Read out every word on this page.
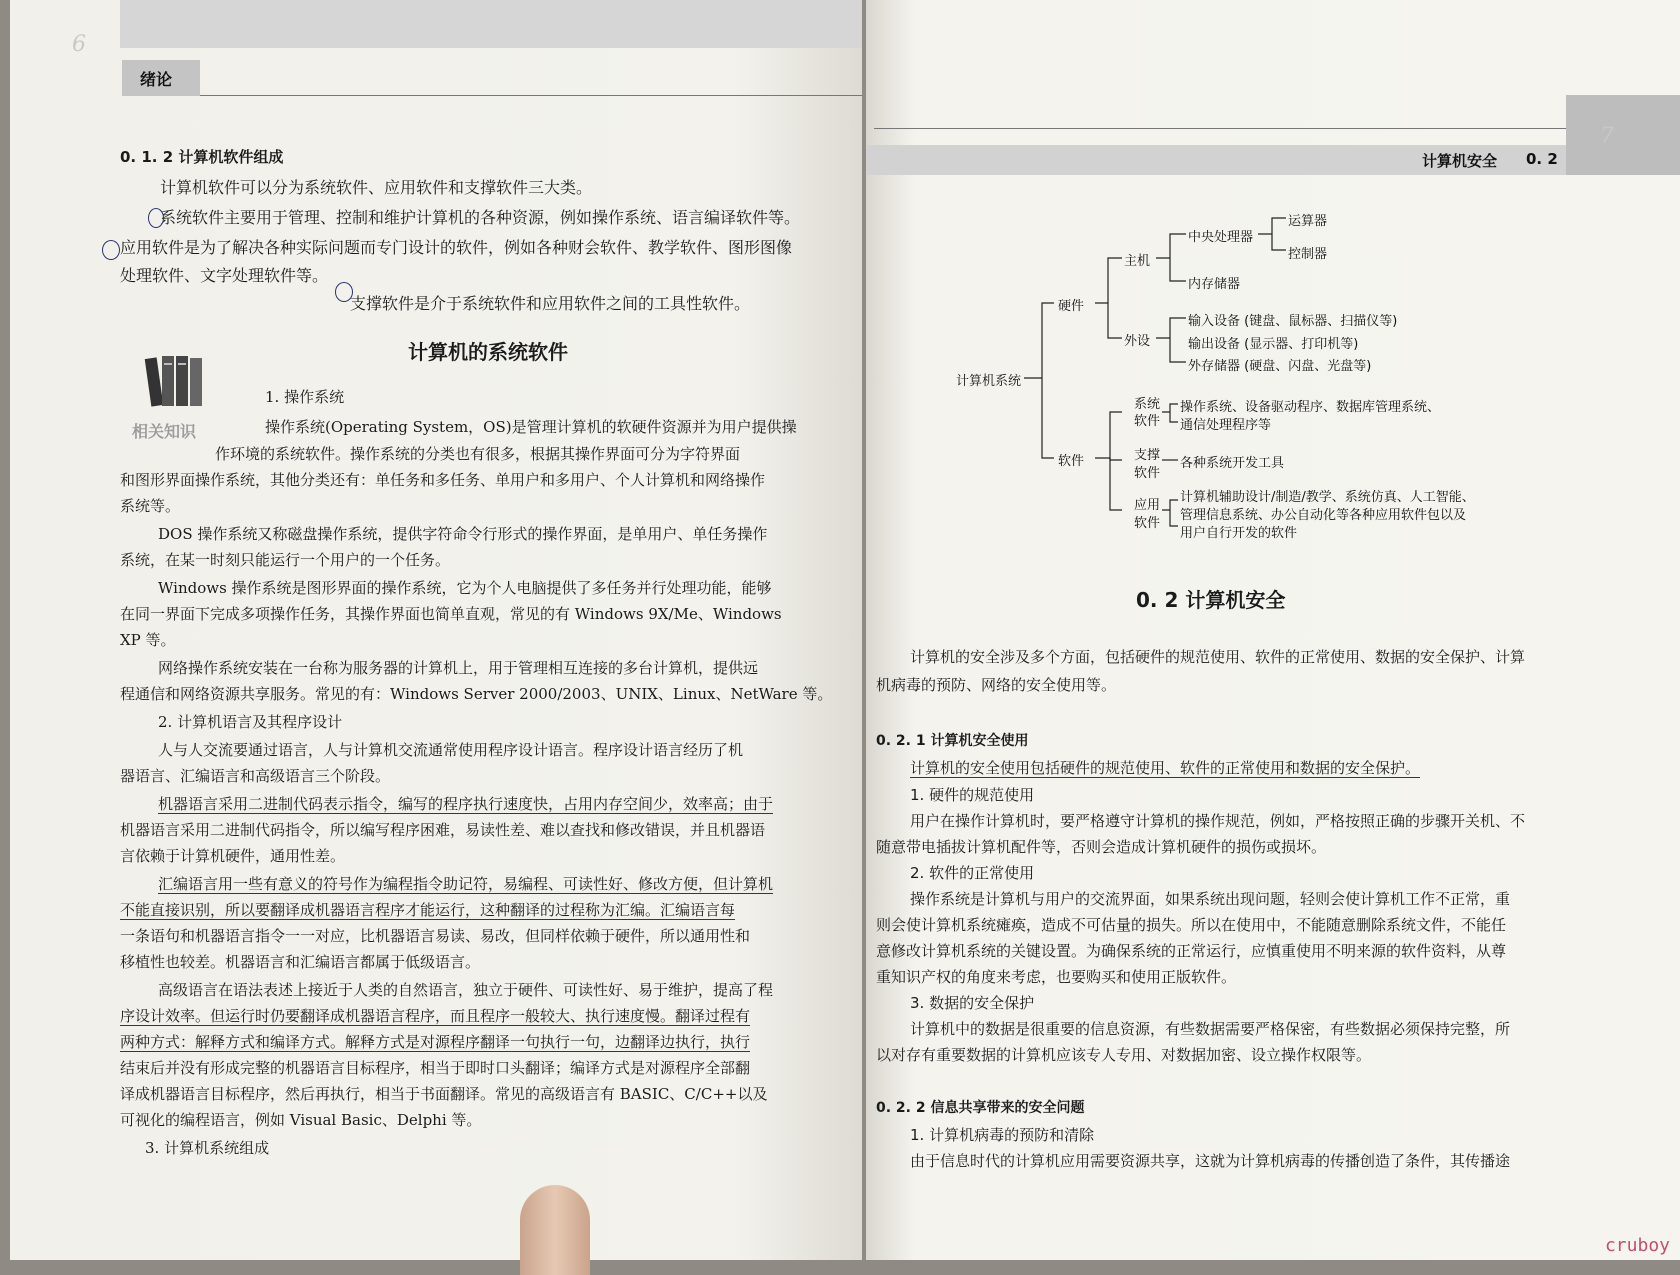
6
绪论
0. 1. 2 计算机软件组成
计算机软件可以分为系统软件、应用软件和支撑软件三大类。
系统软件主要用于管理、控制和维护计算机的各种资源，例如操作系统、语言编译软件等。
应用软件是为了解决各种实际问题而专门设计的软件，例如各种财会软件、教学软件、图形图像
处理软件、文字处理软件等。
支撑软件是介于系统软件和应用软件之间的工具性软件。
计算机的系统软件
相关知识
1. 操作系统
操作系统(Operating System，OS)是管理计算机的软硬件资源并为用户提供操
作环境的系统软件。操作系统的分类也有很多，根据其操作界面可分为字符界面
和图形界面操作系统，其他分类还有：单任务和多任务、单用户和多用户、个人计算机和网络操作
系统等。
DOS 操作系统又称磁盘操作系统，提供字符命令行形式的操作界面，是单用户、单任务操作
系统，在某一时刻只能运行一个用户的一个任务。
Windows 操作系统是图形界面的操作系统，它为个人电脑提供了多任务并行处理功能，能够
在同一界面下完成多项操作任务，其操作界面也简单直观，常见的有 Windows 9X/Me、Windows
XP 等。
网络操作系统安装在一台称为服务器的计算机上，用于管理相互连接的多台计算机，提供远
程通信和网络资源共享服务。常见的有：Windows Server 2000/2003、UNIX、Linux、NetWare 等。
2. 计算机语言及其程序设计
人与人交流要通过语言，人与计算机交流通常使用程序设计语言。程序设计语言经历了机
器语言、汇编语言和高级语言三个阶段。
机器语言采用二进制代码表示指令，编写的程序执行速度快，占用内存空间少，效率高；由于
机器语言采用二进制代码指令，所以编写程序困难，易读性差、难以查找和修改错误，并且机器语
言依赖于计算机硬件，通用性差。
汇编语言用一些有意义的符号作为编程指令助记符，易编程、可读性好、修改方便，但计算机
不能直接识别，所以要翻译成机器语言程序才能运行，这种翻译的过程称为汇编。汇编语言每
一条语句和机器语言指令一一对应，比机器语言易读、易改，但同样依赖于硬件，所以通用性和
移植性也较差。机器语言和汇编语言都属于低级语言。
高级语言在语法表述上接近于人类的自然语言，独立于硬件、可读性好、易于维护，提高了程
序设计效率。但运行时仍要翻译成机器语言程序，而且程序一般较大、执行速度慢。翻译过程有
两种方式：解释方式和编译方式。解释方式是对源程序翻译一句执行一句，边翻译边执行，执行
结束后并没有形成完整的机器语言目标程序，相当于即时口头翻译；编译方式是对源程序全部翻
译成机器语言目标程序，然后再执行，相当于书面翻译。常见的高级语言有 BASIC、C/C++以及
可视化的编程语言，例如 Visual Basic、Delphi 等。
3. 计算机系统组成
7
计算机安全 0. 2
计算机系统
硬件
主机
中央处理器
运算器
控制器
内存储器
外设
输入设备 (键盘、鼠标器、扫描仪等)
输出设备 (显示器、打印机等)
外存储器 (硬盘、闪盘、光盘等)
软件
系统
软件
操作系统、设备驱动程序、数据库管理系统、
通信处理程序等
支撑
软件
各种系统开发工具
应用
软件
计算机辅助设计/制造/教学、系统仿真、人工智能、
管理信息系统、办公自动化等各种应用软件包以及
用户自行开发的软件
0. 2 计算机安全
计算机的安全涉及多个方面，包括硬件的规范使用、软件的正常使用、数据的安全保护、计算
机病毒的预防、网络的安全使用等。
0. 2. 1 计算机安全使用
计算机的安全使用包括硬件的规范使用、软件的正常使用和数据的安全保护。
1. 硬件的规范使用
用户在操作计算机时，要严格遵守计算机的操作规范，例如，严格按照正确的步骤开关机、不
随意带电插拔计算机配件等，否则会造成计算机硬件的损伤或损坏。
2. 软件的正常使用
操作系统是计算机与用户的交流界面，如果系统出现问题，轻则会使计算机工作不正常，重
则会使计算机系统瘫痪，造成不可估量的损失。所以在使用中，不能随意删除系统文件，不能任
意修改计算机系统的关键设置。为确保系统的正常运行，应慎重使用不明来源的软件资料，从尊
重知识产权的角度来考虑，也要购买和使用正版软件。
3. 数据的安全保护
计算机中的数据是很重要的信息资源，有些数据需要严格保密，有些数据必须保持完整，所
以对存有重要数据的计算机应该专人专用、对数据加密、设立操作权限等。
0. 2. 2 信息共享带来的安全问题
1. 计算机病毒的预防和清除
由于信息时代的计算机应用需要资源共享，这就为计算机病毒的传播创造了条件，其传播途
cruboy
